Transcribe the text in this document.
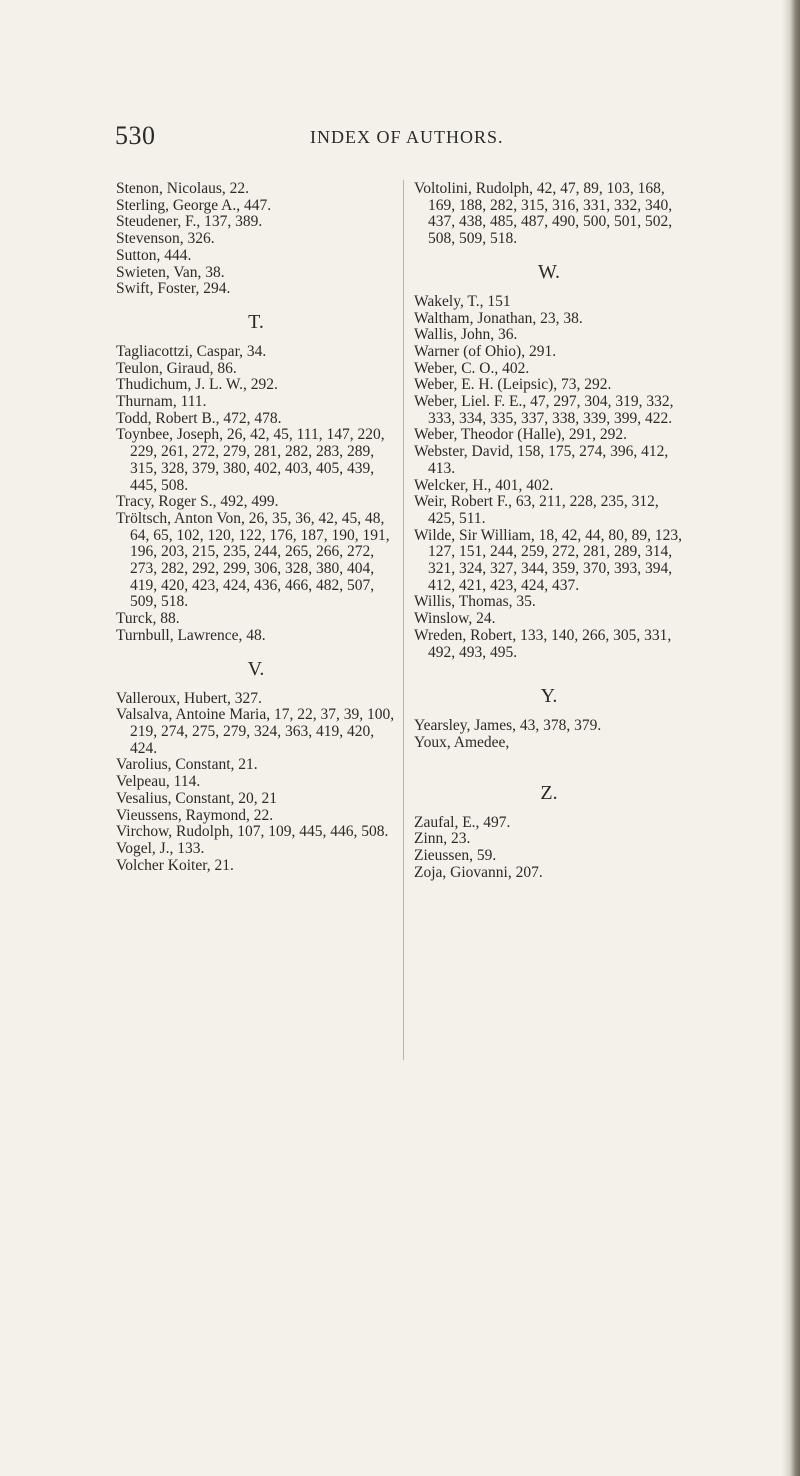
530	INDEX OF AUTHORS.

Stenon, Nicolaus, 22.

Sterling, George A., 447.

Steudener, F., 137, 389.

Stevenson, 326.

Sutton, 444.

Swieten, Van, 38.

Swift, Foster, 294.

T.

Tagliacottzi, Caspar, 34.

Teulon, Giraud, 86.

Thudichum, J. L. W., 292.

Thurnam, 111.

Todd, Robert B., 472, 478.

Toynbee, Joseph, 26, 42, 45, 111, 147, 220, 229, 261, 272, 279, 281, 282, 283, 289, 315, 328, 379, 380, 402, 403, 405, 439, 445, 508.

Tracy, Roger S., 492, 499.

Tröltsch, Anton Von, 26, 35, 36, 42, 45, 48, 64, 65, 102, 120, 122, 176, 187, 190, 191, 196, 203, 215, 235, 244, 265, 266, 272, 273, 282, 292, 299, 306, 328, 380, 404, 419, 420, 423, 424, 436, 466, 482, 507, 509, 518.

Turck, 88.

Turnbull, Lawrence, 48.

V.

Valleroux, Hubert, 327.

Valsalva, Antoine Maria, 17, 22, 37, 39, 100, 219, 274, 275, 279, 324, 363, 419, 420, 424.

Varolius, Constant, 21.

Velpeau, 114.

Vesalius, Constant, 20, 21

Vieussens, Raymond, 22.

Virchow, Rudolph, 107, 109, 445, 446, 508.

Vogel, J., 133.

Volcher Koiter, 21.

Voltolini, Rudolph, 42, 47, 89, 103, 168, 169, 188, 282, 315, 316, 331, 332, 340, 437, 438, 485, 487, 490, 500, 501, 502, 508, 509, 518.

W.

Wakely, T., 151

Waltham, Jonathan, 23, 38.

Wallis, John, 36.

Warner (of Ohio), 291.

Weber, C. O., 402.

Weber, E. H. (Leipsic), 73, 292.

Weber, Liel. F. E., 47, 297, 304, 319, 332, 333, 334, 335, 337, 338, 339, 399, 422.

Weber, Theodor (Halle), 291, 292.

Webster, David, 158, 175, 274, 396, 412, 413.

Welcker, H., 401, 402.

Weir, Robert F., 63, 211, 228, 235, 312, 425, 511.

Wilde, Sir William, 18, 42, 44, 80, 89, 123, 127, 151, 244, 259, 272, 281, 289, 314, 321, 324, 327, 344, 359, 370, 393, 394, 412, 421, 423, 424, 437.

Willis, Thomas, 35.

Winslow, 24.

Wreden, Robert, 133, 140, 266, 305, 331, 492, 493, 495.

Y.

Yearsley, James, 43, 378, 379.

Youx, Amedee,

Z.

Zaufal, E., 497.

Zinn, 23.

Zieussen, 59.

Zoja, Giovanni, 207.
